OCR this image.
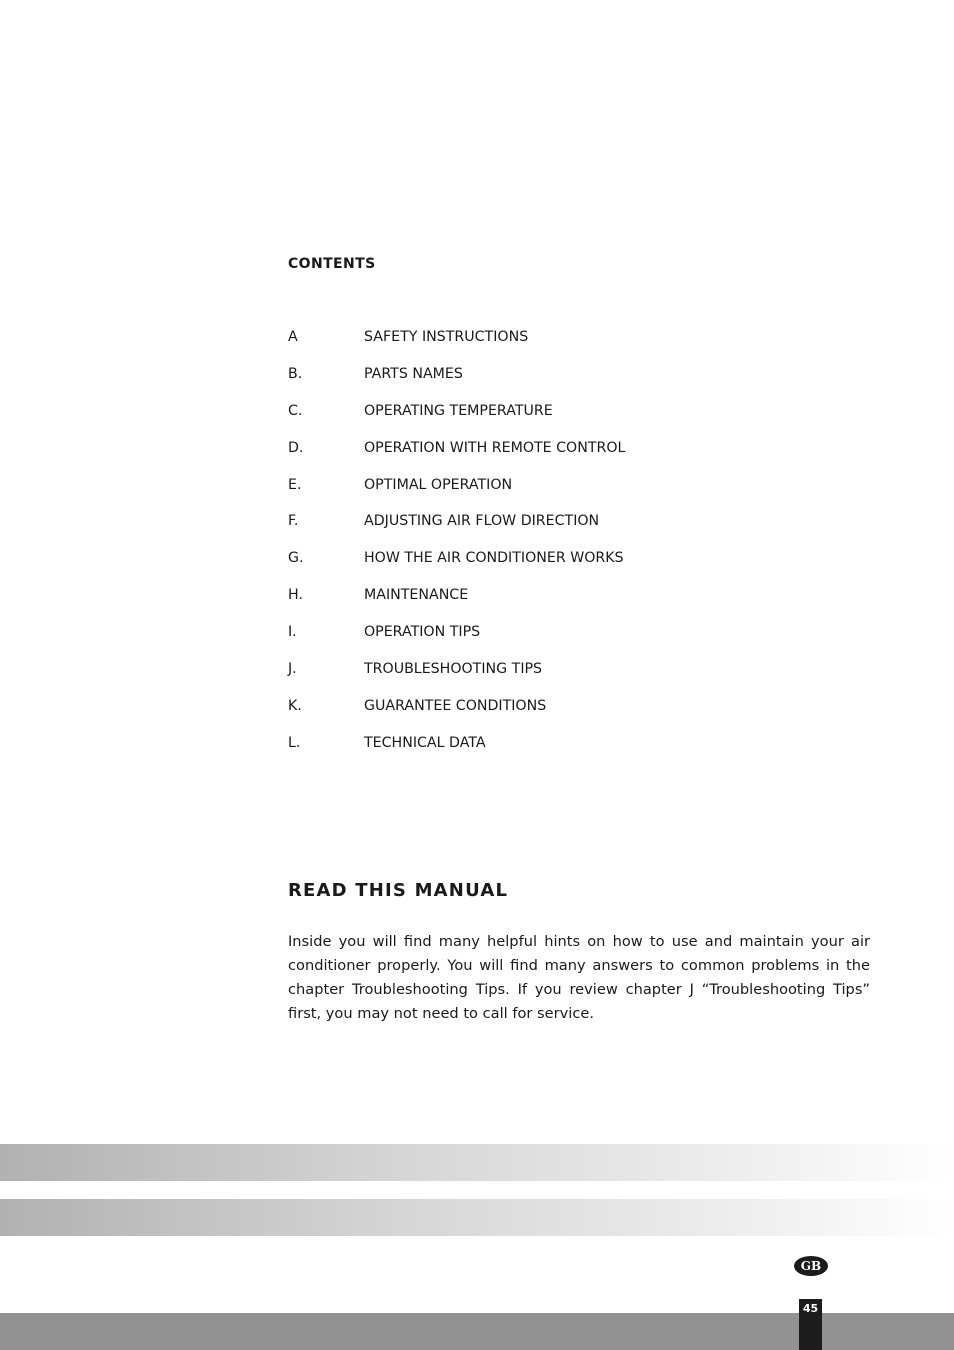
CONTENTS
A	SAFETY INSTRUCTIONS
B.	PARTS NAMES
C.	OPERATING TEMPERATURE
D.	OPERATION WITH REMOTE CONTROL
E.	OPTIMAL OPERATION
F.	ADJUSTING AIR FLOW DIRECTION
G.	HOW THE AIR CONDITIONER WORKS
H.	MAINTENANCE
I.	OPERATION TIPS
J.	TROUBLESHOOTING TIPS
K.	GUARANTEE CONDITIONS
L.	TECHNICAL DATA
READ THIS MANUAL

Inside you will find many helpful hints on how to use and maintain your air conditioner properly. You will find many answers to common problems in the chapter Troubleshooting Tips. If you review chapter J “Troubleshooting Tips” first, you may not need to call for service.

GB
45
